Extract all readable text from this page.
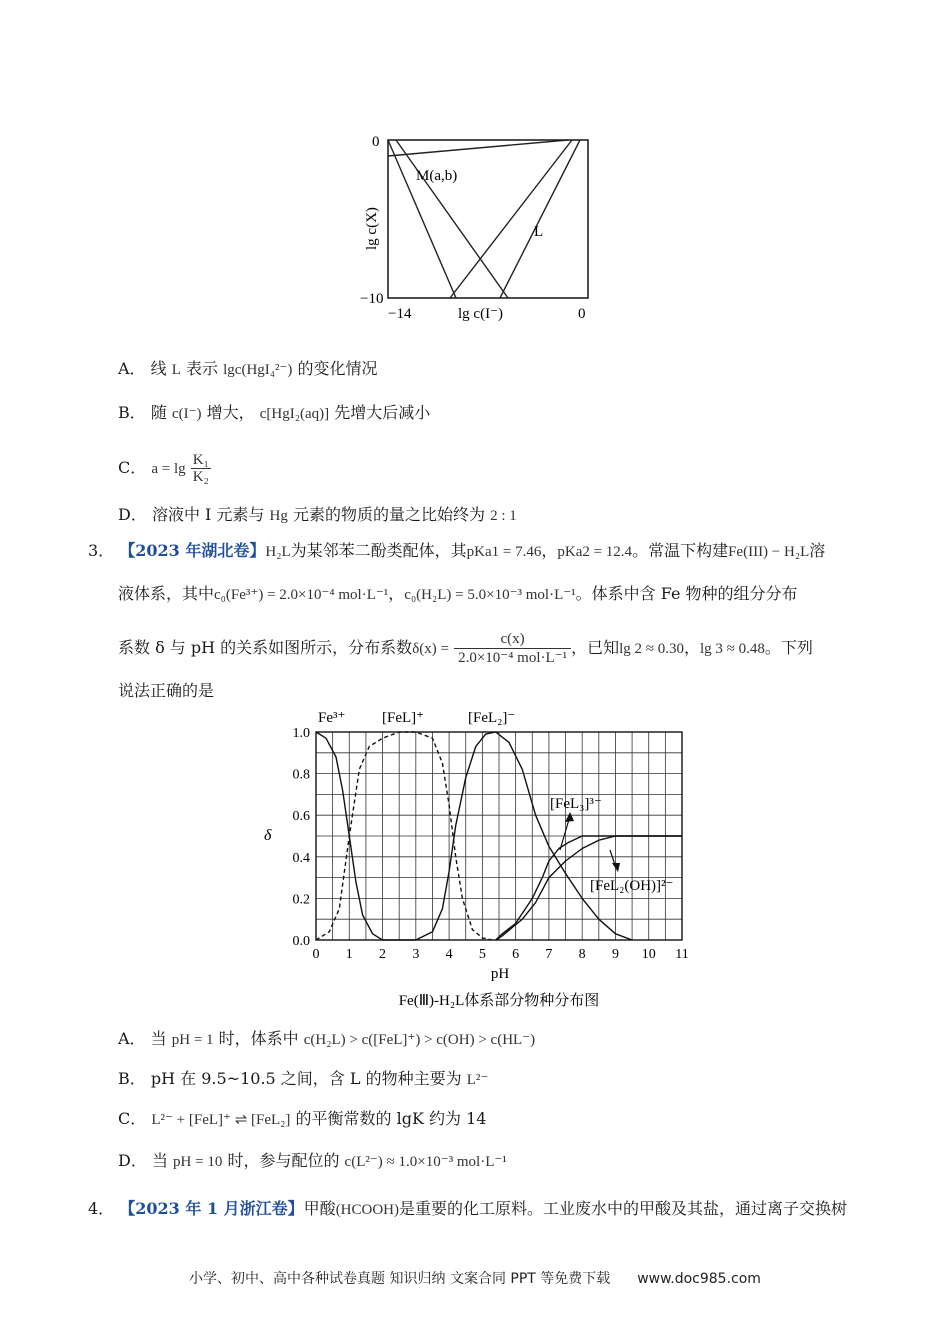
0
−10
−14	0
lg c(I⁻)
lg c(X)
M(a,b)
L
A． 线 L 表示 lgc(HgI₄²⁻) 的变化情况
B． 随 c(I⁻) 增大， c[HgI₂(aq)] 先增大后减小
C． $a = \lg \frac{\text{K₁}}{\text{K₂}}$
D． 溶液中 I 元素与 Hg 元素的物质的量之比始终为 2 : 1
3． 【2023 年湖北卷】H₂L为某邻苯二酚类配体，其pKa1 = 7.46，pKa2 = 12.4。常温下构建Fe(III) − H₂L溶
液体系，其中c₀(Fe³⁺) = 2.0×10⁻⁴ mol·L⁻¹，c₀(H₂L) = 5.0×10⁻³ mol·L⁻¹。体系中含 Fe 物种的组分分布
系数 δ 与 pH 的关系如图所示，分布系数δ(x) =
c(x)
2.0×10⁻⁴ mol·L⁻¹
，已知lg 2 ≈ 0.30，lg 3 ≈ 0.48。下列
说法正确的是
0 1 2 3 4 5 6 7 8 9 10 11
0.0
0.2
0.4
0.6
0.8
1.0
Fe³⁺ [FeL]⁺	[FeL₂]⁻
[FeL₃]³⁻
[FeL₂(OH)]²⁻
Fe(Ⅲ)-H₂L体系部分物种分布图
pH
δ
A． 当 pH = 1 时，体系中 c(H₂L) > c([FeL]⁺) > c(OH) > c(HL⁻)
B． pH 在 9.5~10.5 之间，含 L 的物种主要为 L²⁻
C． L²⁻ + [FeL]⁺ ⇌ [FeL₂] 的平衡常数的 lgK 约为 14
D． 当 pH = 10 时，参与配位的 c(L²⁻) ≈ 1.0×10⁻³ mol·L⁻¹
4． 【2023 年 1 月浙江卷】甲酸(HCOOH)是重要的化工原料。工业废水中的甲酸及其盐，通过离子交换树
小学、初中、高中各种试卷真题 知识归纳 文案合同 PPT 等免费下载 www.doc985.com
